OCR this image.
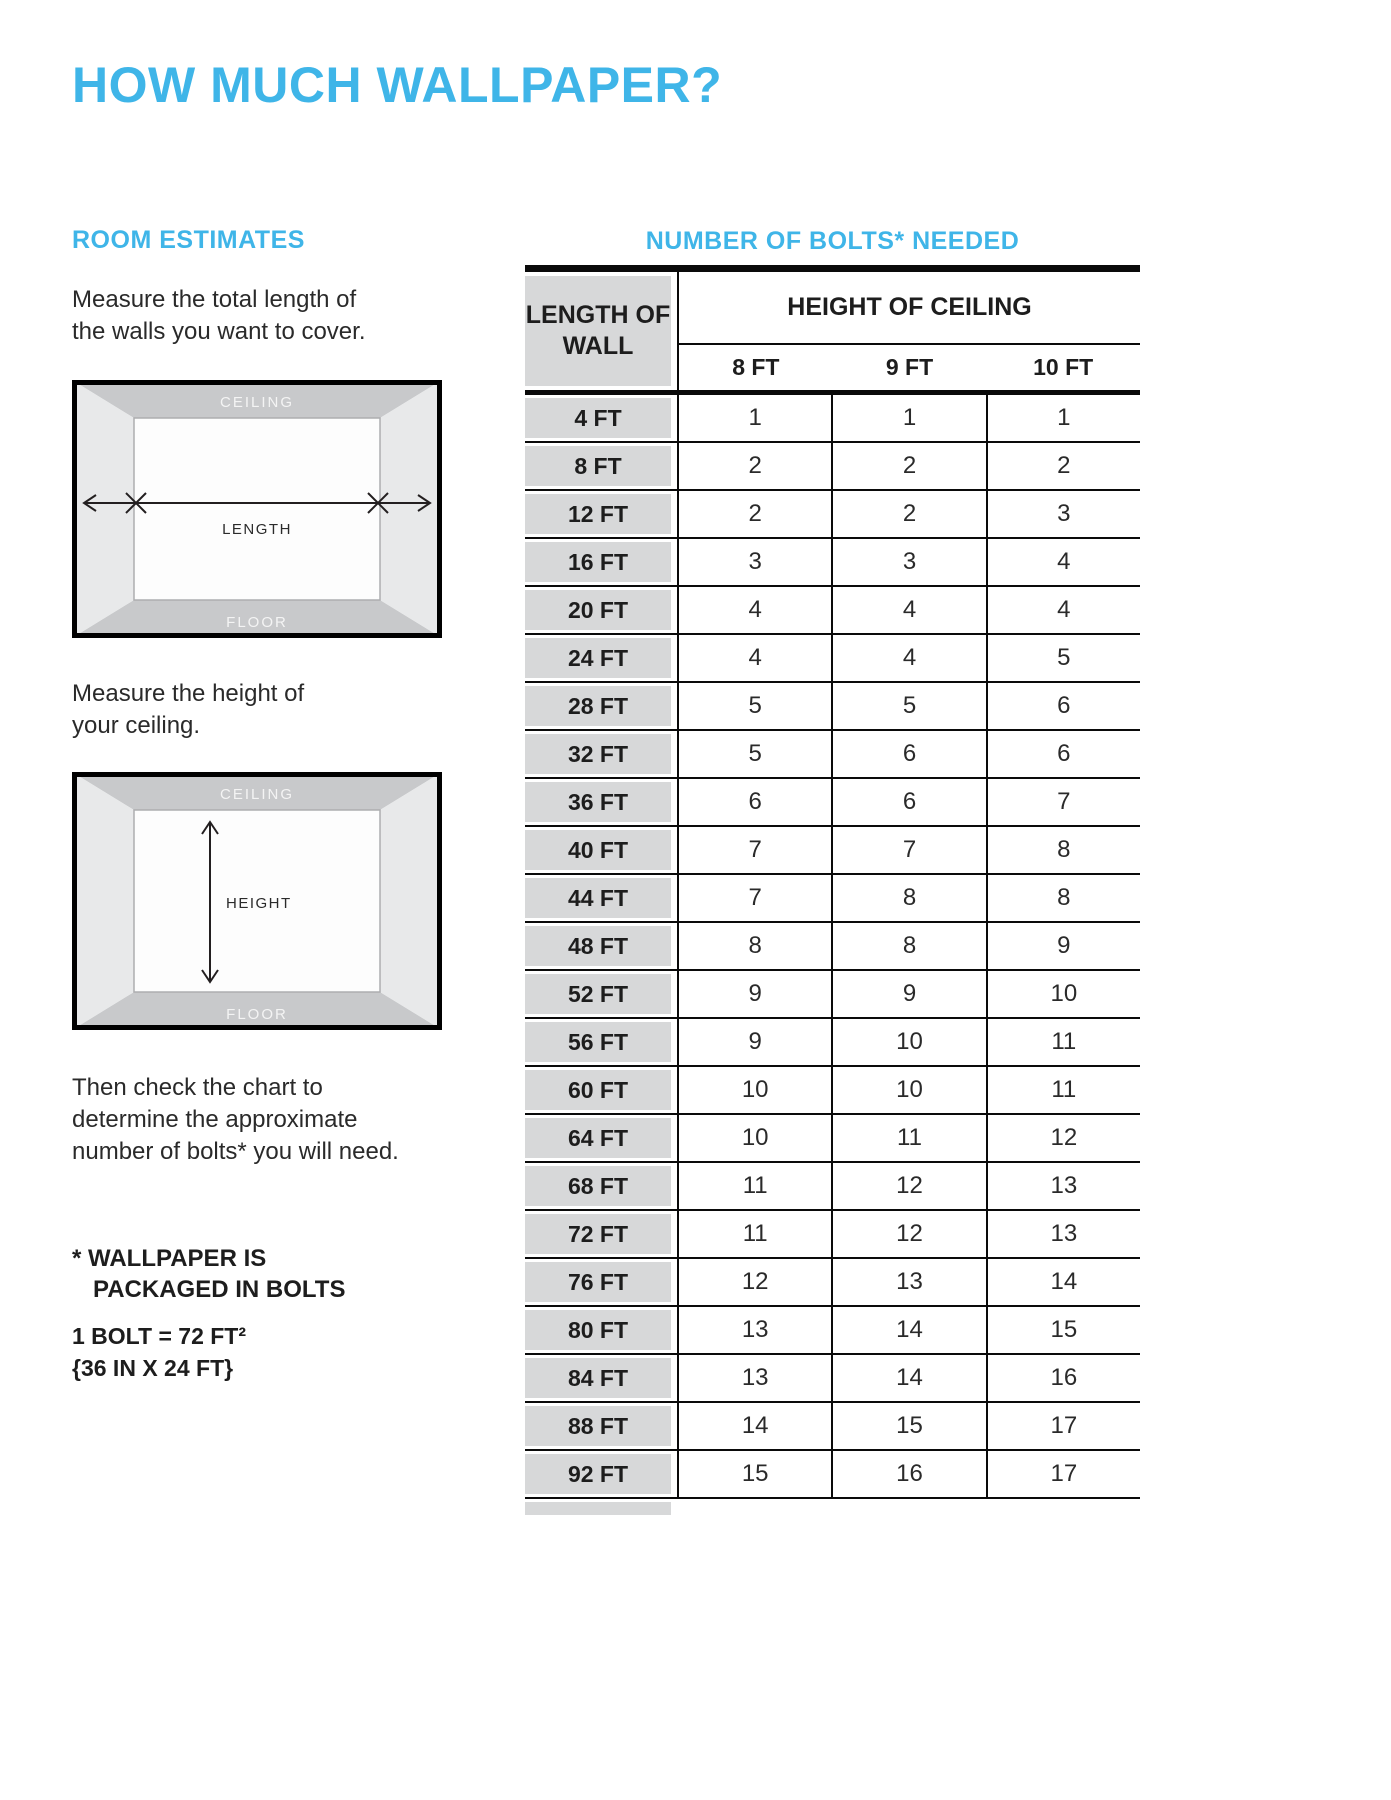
HOW MUCH WALLPAPER?
ROOM ESTIMATES

Measure the total length of
the walls you want to cover.

CEILING
FLOOR
LENGTH

Measure the height of
your ceiling.

CEILING
FLOOR
HEIGHT

Then check the chart to
determine the approximate
number of bolts* you will need.

* WALLPAPER IS
PACKAGED IN BOLTS
1 BOLT = 72 FT²
{36 IN X 24 FT}
NUMBER OF BOLTS* NEEDED
LENGTH OF WALL
HEIGHT OF CEILING
8 FT	9 FT	10 FT
4 FT	1	1	1
8 FT	2	2	2
12 FT	2	2	3
16 FT	3	3	4
20 FT	4	4	4
24 FT	4	4	5
28 FT	5	5	6
32 FT	5	6	6
36 FT	6	6	7
40 FT	7	7	8
44 FT	7	8	8
48 FT	8	8	9
52 FT	9	9	10
56 FT	9	10	11
60 FT	10	10	11
64 FT	10	11	12
68 FT	11	12	13
72 FT	11	12	13
76 FT	12	13	14
80 FT	13	14	15
84 FT	13	14	16
88 FT	14	15	17
92 FT	15	16	17
